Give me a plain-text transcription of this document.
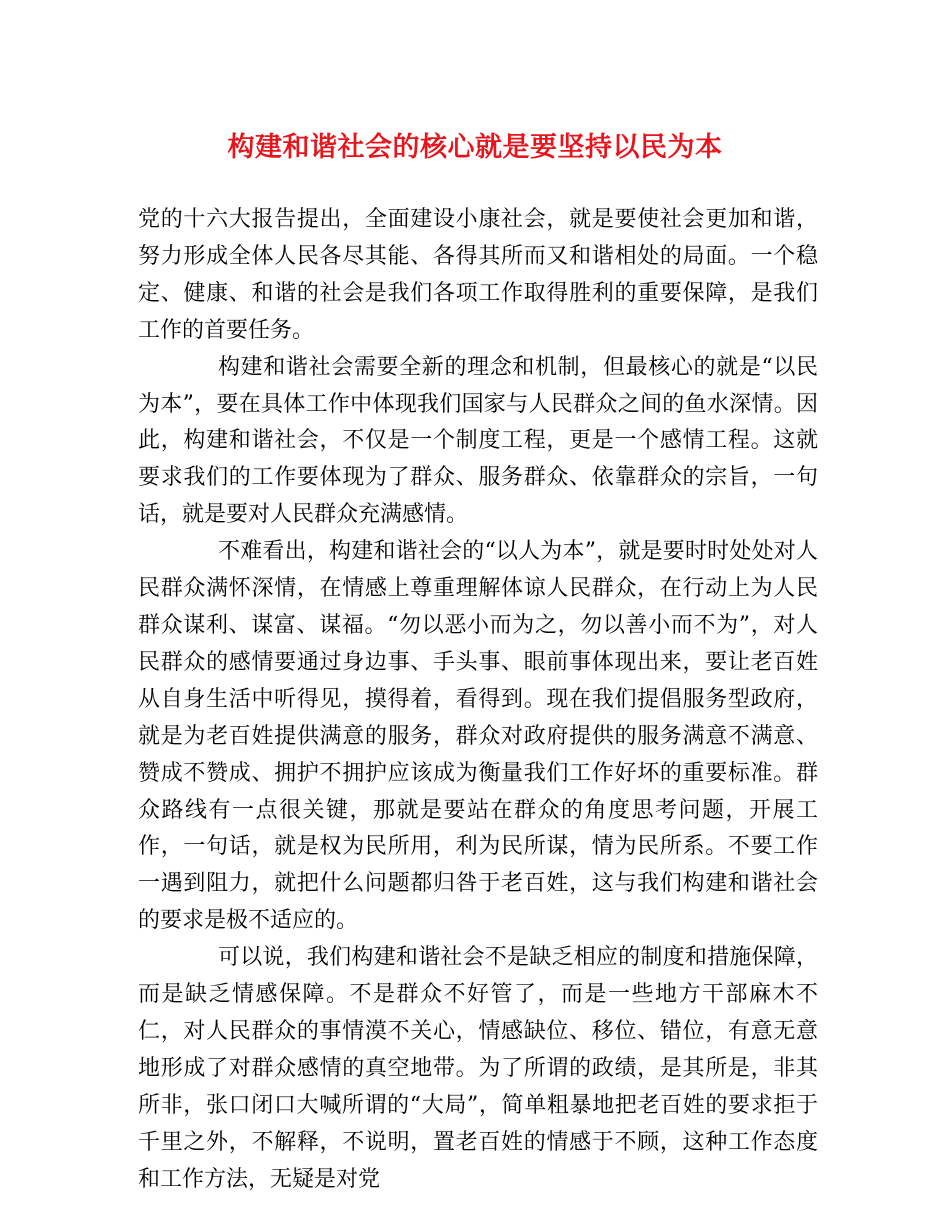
构建和谐社会的核心就是要坚持以民为本

党的十六大报告提出，全面建设小康社会，就是要使社会更加和谐，努力形成全体人民各尽其能、各得其所而又和谐相处的局面。一个稳定、健康、和谐的社会是我们各项工作取得胜利的重要保障，是我们工作的首要任务。

构建和谐社会需要全新的理念和机制，但最核心的就是“以民为本”，要在具体工作中体现我们国家与人民群众之间的鱼水深情。因此，构建和谐社会，不仅是一个制度工程，更是一个感情工程。这就要求我们的工作要体现为了群众、服务群众、依靠群众的宗旨，一句话，就是要对人民群众充满感情。

不难看出，构建和谐社会的“以人为本”，就是要时时处处对人民群众满怀深情，在情感上尊重理解体谅人民群众，在行动上为人民群众谋利、谋富、谋福。“勿以恶小而为之，勿以善小而不为”，对人民群众的感情要通过身边事、手头事、眼前事体现出来，要让老百姓从自身生活中听得见，摸得着，看得到。现在我们提倡服务型政府，就是为老百姓提供满意的服务，群众对政府提供的服务满意不满意、赞成不赞成、拥护不拥护应该成为衡量我们工作好坏的重要标准。群众路线有一点很关键，那就是要站在群众的角度思考问题，开展工作，一句话，就是权为民所用，利为民所谋，情为民所系。不要工作一遇到阻力，就把什么问题都归咎于老百姓，这与我们构建和谐社会的要求是极不适应的。

可以说，我们构建和谐社会不是缺乏相应的制度和措施保障，而是缺乏情感保障。不是群众不好管了，而是一些地方干部麻木不仁，对人民群众的事情漠不关心，情感缺位、移位、错位，有意无意地形成了对群众感情的真空地带。为了所谓的政绩，是其所是，非其所非，张口闭口大喊所谓的“大局”，简单粗暴地把老百姓的要求拒于千里之外，不解释，不说明，置老百姓的情感于不顾，这种工作态度和工作方法，无疑是对党
